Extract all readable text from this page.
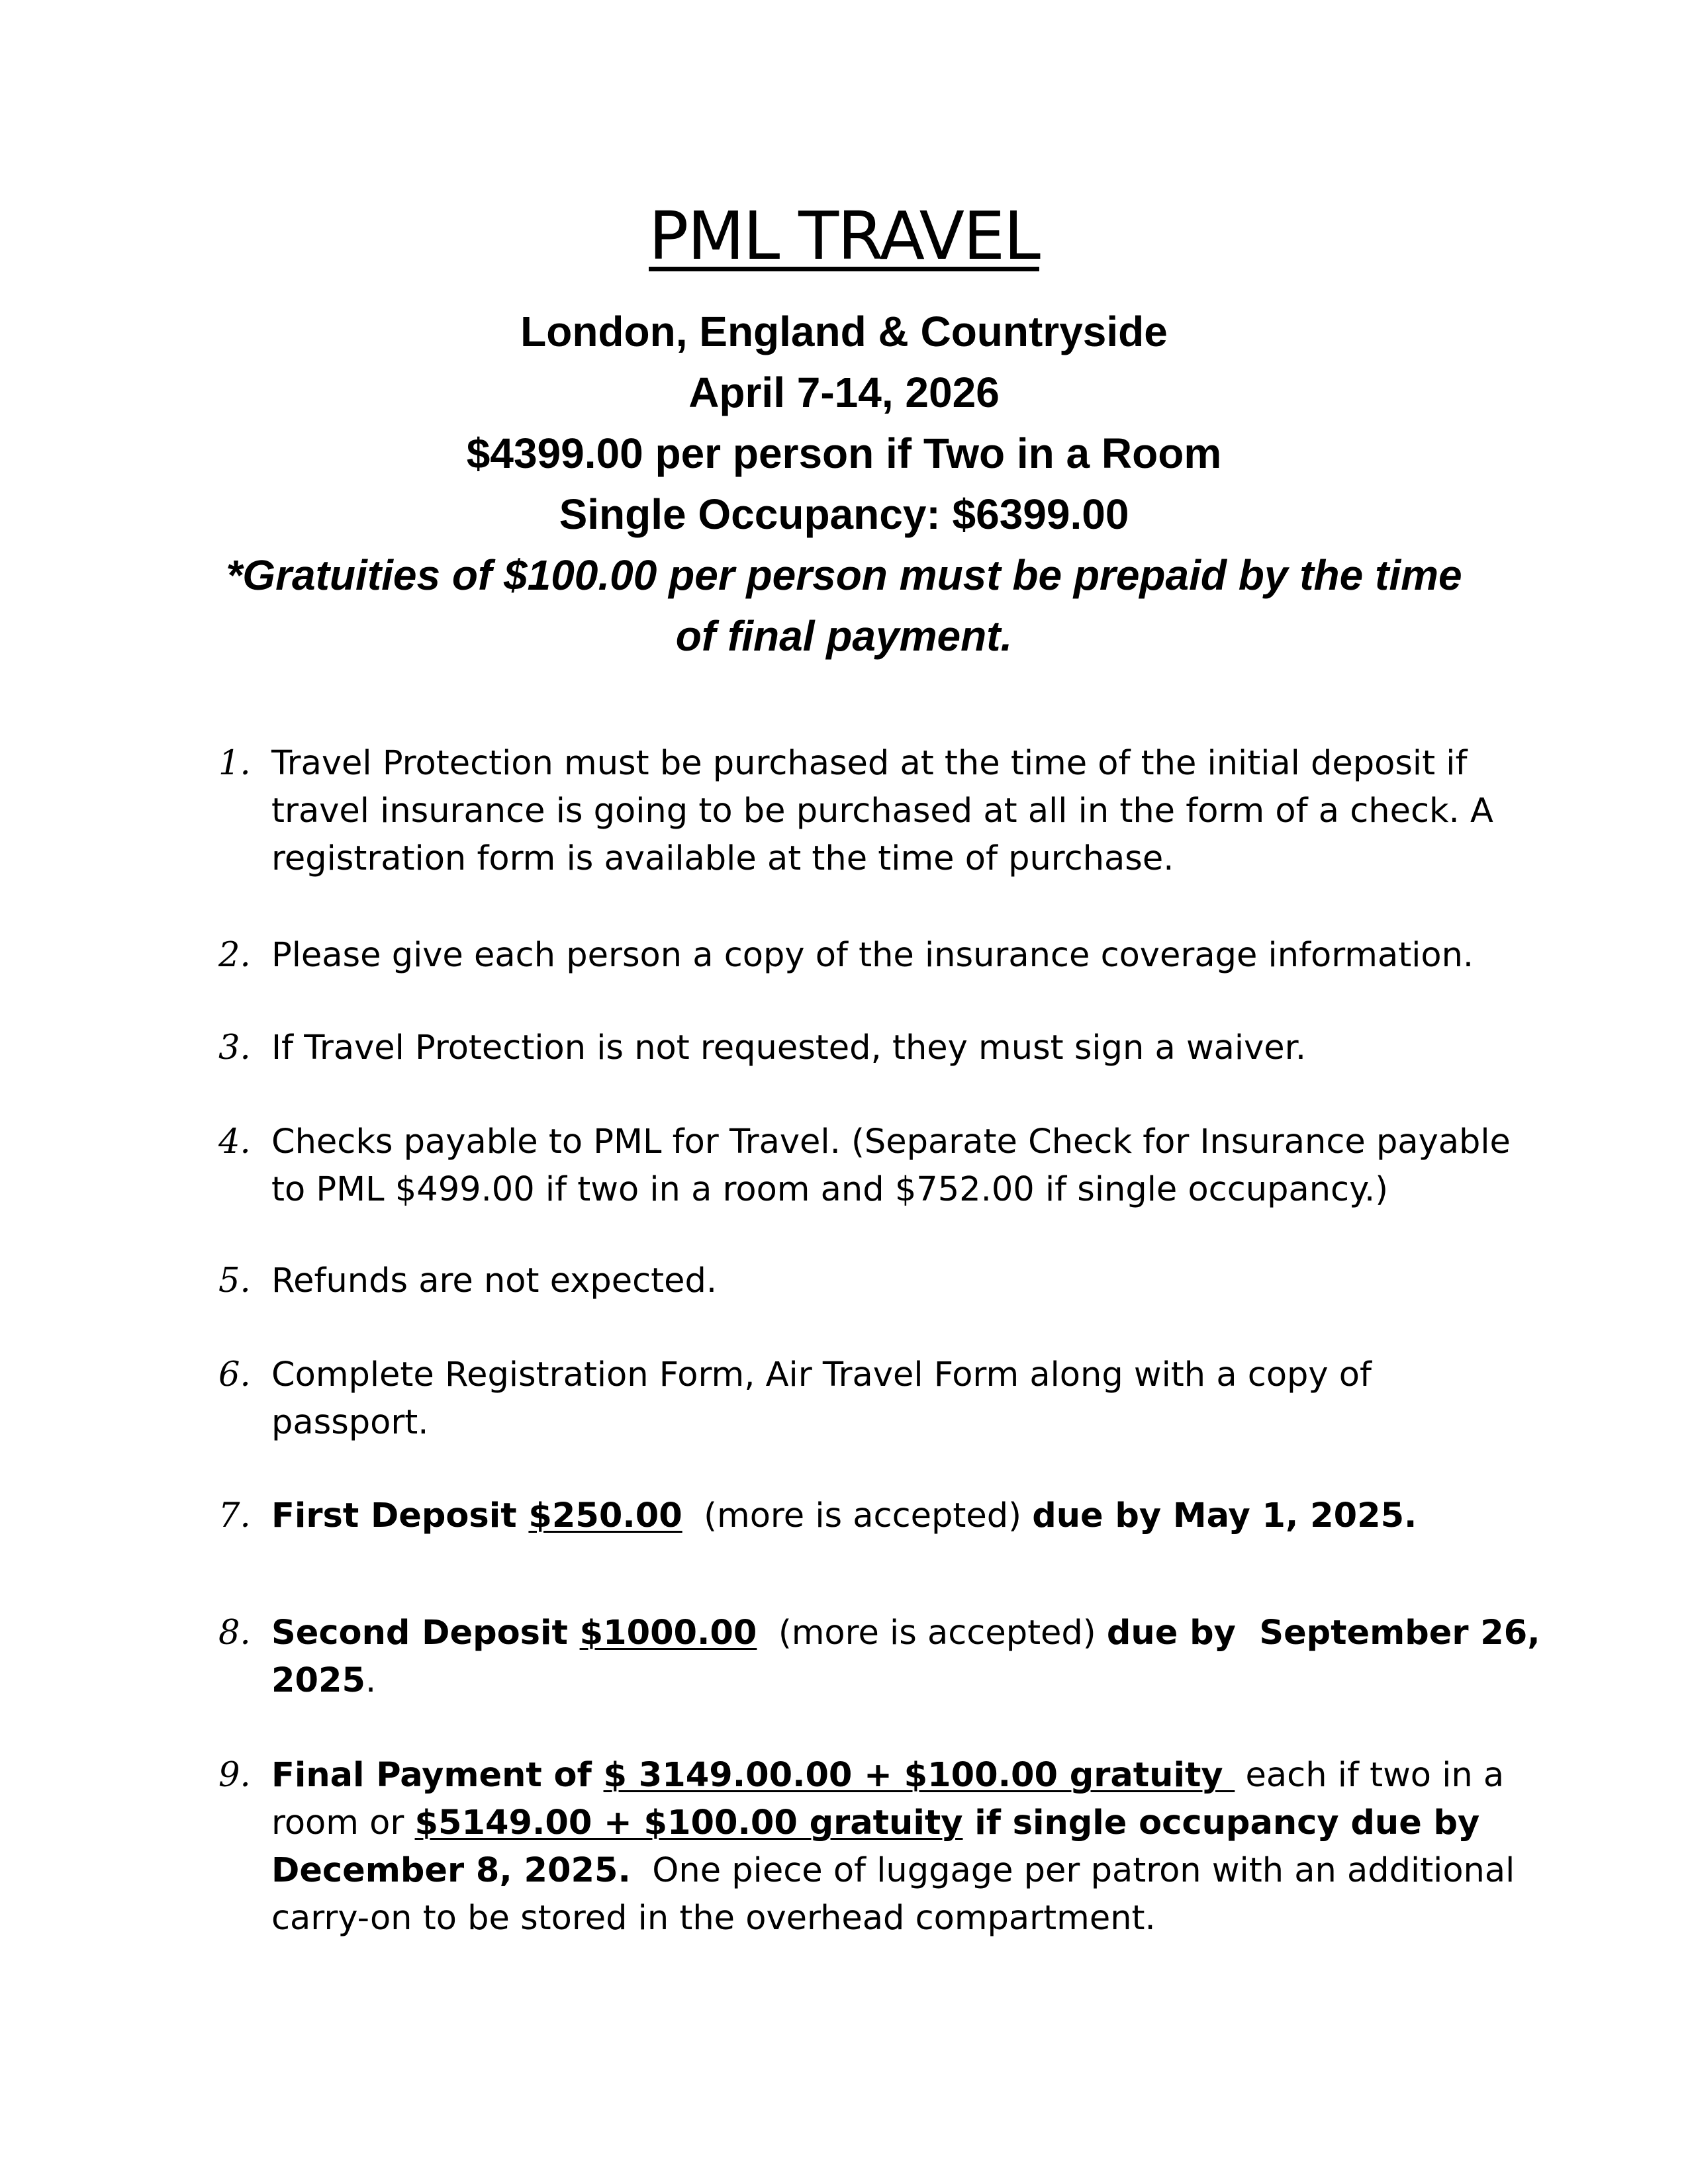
PML TRAVEL
London, England & Countryside
April 7-14, 2026
$4399.00 per person if Two in a Room
Single Occupancy: $6399.00
*Gratuities of $100.00 per person must be prepaid by the time
of final payment.
1. Travel Protection must be purchased at the time of the initial deposit if
travel insurance is going to be purchased at all in the form of a check. A
registration form is available at the time of purchase.
2. Please give each person a copy of the insurance coverage information.
3. If Travel Protection is not requested, they must sign a waiver.
4. Checks payable to PML for Travel. (Separate Check for Insurance payable
to PML $499.00 if two in a room and $752.00 if single occupancy.)
5. Refunds are not expected.
6. Complete Registration Form, Air Travel Form along with a copy of
passport.
7. First Deposit $250.00  (more is accepted) due by May 1, 2025.
8. Second Deposit $1000.00  (more is accepted) due by  September 26,
2025.
9. Final Payment of $ 3149.00.00 + $100.00 gratuity  each if two in a
room or $5149.00 + $100.00 gratuity if single occupancy due by
December 8, 2025.  One piece of luggage per patron with an additional
carry-on to be stored in the overhead compartment.
